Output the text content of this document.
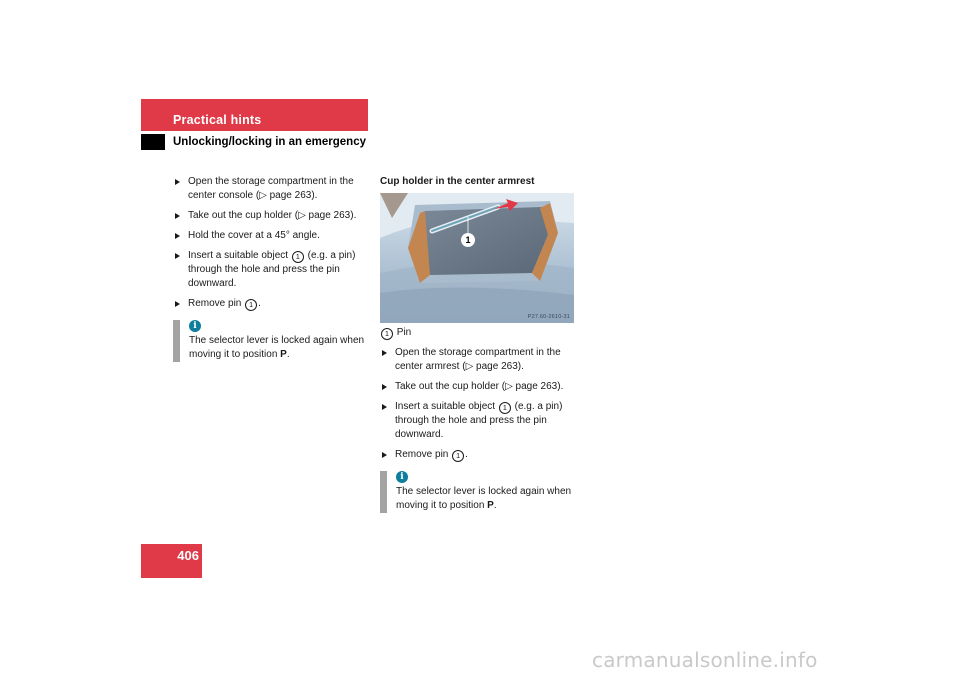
Practical hints
Unlocking/locking in an emergency
Open the storage compartment in the center console (▷ page 263).
Take out the cup holder (▷ page 263).
Hold the cover at a 45° angle.
Insert a suitable object 1 (e.g. a pin) through the hole and press the pin downward.
Remove pin 1 .
i
The selector lever is locked again when moving it to position P.
Cup holder in the center armrest
1
P27.60-2610-31
1 Pin
Open the storage compartment in the center armrest (▷ page 263).
Take out the cup holder (▷ page 263).
Insert a suitable object 1 (e.g. a pin) through the hole and press the pin downward.
Remove pin 1 .
i
The selector lever is locked again when moving it to position P.
406
carmanualsonline.info
